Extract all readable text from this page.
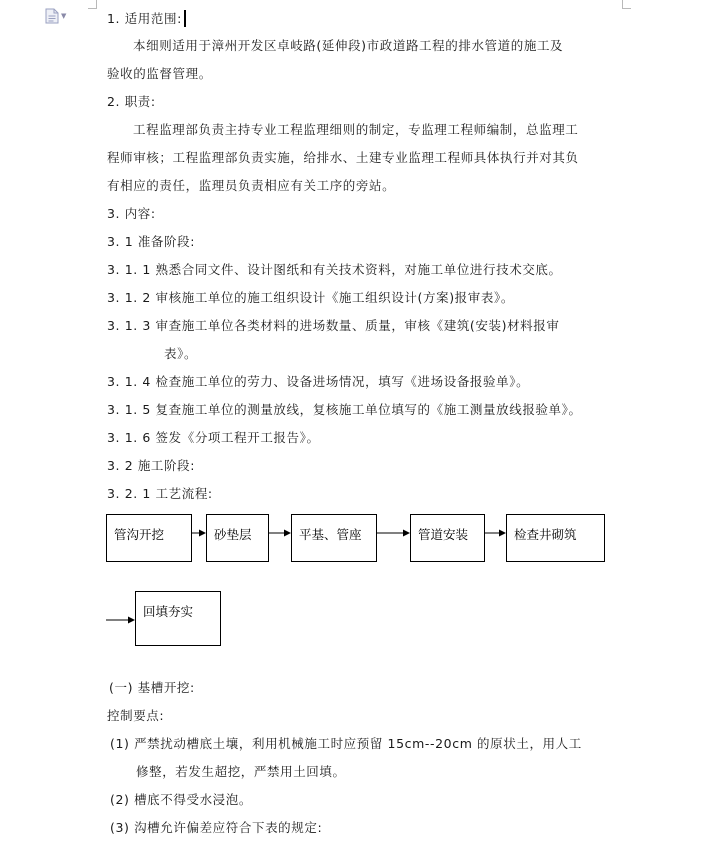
▼	1. 适用范围:
本细则适用于漳州开发区卓岐路(延伸段)市政道路工程的排水管道的施工及
验收的监督管理。
2. 职责:
工程监理部负责主持专业工程监理细则的制定，专监理工程师编制，总监理工
程师审核；工程监理部负责实施，给排水、土建专业监理工程师具体执行并对其负
有相应的责任，监理员负责相应有关工序的旁站。
3. 内容:
3. 1 准备阶段:
3. 1. 1 熟悉合同文件、设计图纸和有关技术资料，对施工单位进行技术交底。
3. 1. 2 审核施工单位的施工组织设计《施工组织设计(方案)报审表》。
3. 1. 3 审查施工单位各类材料的进场数量、质量，审核《建筑(安装)材料报审
表》。
3. 1. 4 检查施工单位的劳力、设备进场情况，填写《进场设备报验单》。
3. 1. 5 复查施工单位的测量放线，复核施工单位填写的《施工测量放线报验单》。
3. 1. 6 签发《分项工程开工报告》。
3. 2 施工阶段:
3. 2. 1 工艺流程:
管沟开挖	砂垫层	平基、管座	管道安装	检查井砌筑
回填夯实
(一) 基槽开挖:
控制要点:
(1) 严禁扰动槽底土壤，利用机械施工时应预留 15cm--20cm 的原状土，用人工
修整，若发生超挖，严禁用土回填。
(2) 槽底不得受水浸泡。
(3) 沟槽允许偏差应符合下表的规定:
